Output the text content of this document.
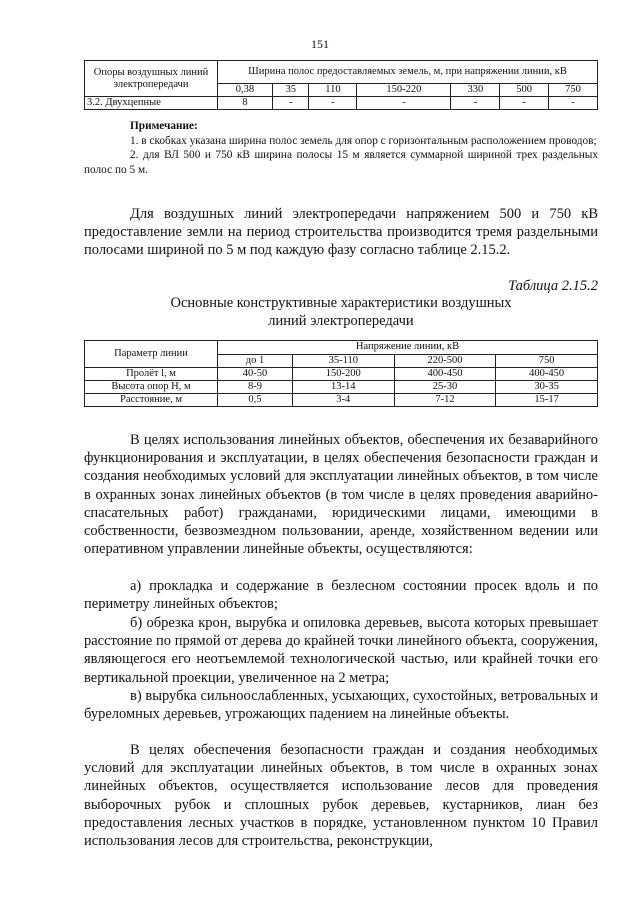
151
Опоры воздушных линий электропередачи	Ширина полос предоставляемых земель, м, при напряжении линии, кВ						
	0,38	35	110	150-220	330	500	750
3.2. Двухцепные	8	-	-	-	-	-	-

Примечание:

1. в скобках указана ширина полос земель для опор с горизонтальным расположением проводов;

2. для ВЛ 500 и 750 кВ ширина полосы 15 м является суммарной шириной трех раздельных полос по 5 м.

Для воздушных линий электропередачи напряжением 500 и 750 кВ предоставление земли на период строительства производится тремя раздельными полосами шириной по 5 м под каждую фазу согласно таблице 2.15.2.

Таблица 2.15.2
Основные конструктивные характеристики воздушных
линий электропередачи
Параметр линии	Напряжение линии, кВ			
	до 1	35-110	220-500	750
Пролёт l, м	40-50	150-200	400-450	400-450
Высота опор H, м	8-9	13-14	25-30	30-35
Расстояние, м	0,5	3-4	7-12	15-17

В целях использования линейных объектов, обеспечения их безаварийного функционирования и эксплуатации, в целях обеспечения безопасности граждан и создания необходимых условий для эксплуатации линейных объектов, в том числе в охранных зонах линейных объектов (в том числе в целях проведения аварийно-спасательных работ) гражданами, юридическими лицами, имеющими в собственности, безвозмездном пользовании, аренде, хозяйственном ведении или оперативном управлении линейные объекты, осуществляются:

а) прокладка и содержание в безлесном состоянии просек вдоль и по периметру линейных объектов;

б) обрезка крон, вырубка и опиловка деревьев, высота которых превышает расстояние по прямой от дерева до крайней точки линейного объекта, сооружения, являющегося его неотъемлемой технологической частью, или крайней точки его вертикальной проекции, увеличенное на 2 метра;

в) вырубка сильноослабленных, усыхающих, сухостойных, ветровальных и буреломных деревьев, угрожающих падением на линейные объекты.

В целях обеспечения безопасности граждан и создания необходимых условий для эксплуатации линейных объектов, в том числе в охранных зонах линейных объектов, осуществляется использование лесов для проведения выборочных рубок и сплошных рубок деревьев, кустарников, лиан без предоставления лесных участков в порядке, установленном пунктом 10 Правил использования лесов для строительства, реконструкции,
